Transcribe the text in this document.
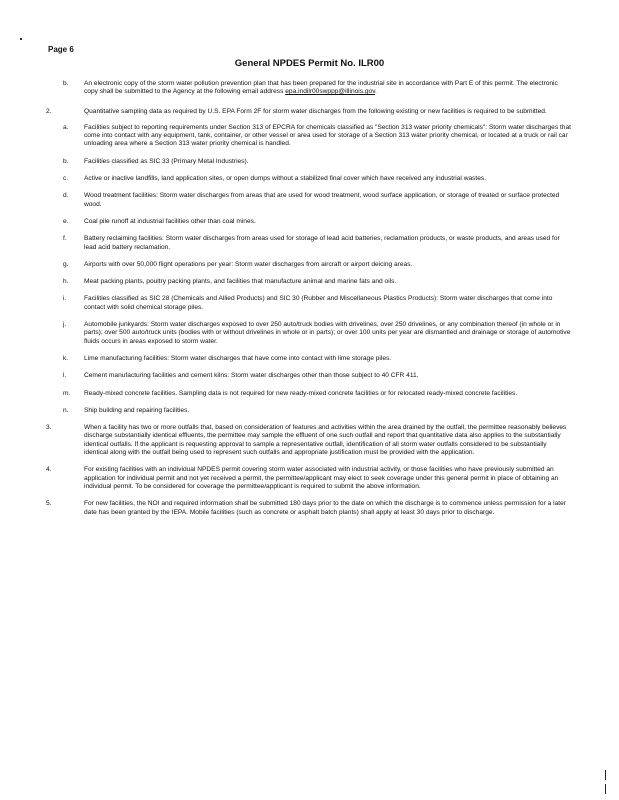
Page 6
General NPDES Permit No. ILR00
b. An electronic copy of the storm water pollution prevention plan that has been prepared for the industrial site in accordance with Part E of this permit. The electronic copy shall be submitted to the Agency at the following email address epa.indilr00swppp@illinois.gov.
2.	Quantitative sampling data as required by U.S. EPA Form 2F for storm water discharges from the following existing or new facilities is required to be submitted.
a. Facilities subject to reporting requirements under Section 313 of EPCRA for chemicals classified as "Section 313 water priority chemicals": Storm water discharges that come into contact with any equipment, tank, container, or other vessel or area used for storage of a Section 313 water priority chemical, or located at a truck or rail car unloading area where a Section 313 water priority chemical is handled.
b. Facilities classified as SIC 33 (Primary Metal Industries).
c. Active or inactive landfills, land application sites, or open dumps without a stabilized final cover which have received any industrial wastes.
d. Wood treatment facilities: Storm water discharges from areas that are used for wood treatment, wood surface application, or storage of treated or surface protected wood.
e. Coal pile runoff at industrial facilities other than coal mines.
f.	Battery reclaiming facilities: Storm water discharges from areas used for storage of lead acid batteries, reclamation products, or waste products, and areas used for lead acid battery reclamation.
g. Airports with over 50,000 flight operations per year: Storm water discharges from aircraft or airport deicing areas.
h. Meat packing plants, poultry packing plants, and facilities that manufacture animal and marine fats and oils.
i.	Facilities classified as SIC 28 (Chemicals and Allied Products) and SIC 30 (Rubber and Miscellaneous Plastics Products): Storm water discharges that come into contact with solid chemical storage piles.
j.	Automobile junkyards: Storm water discharges exposed to over 250 auto/truck bodies with drivelines, over 250 drivelines, or any combination thereof (in whole or in parts); over 500 auto/truck units (bodies with or without drivelines in whole or in parts); or over 100 units per year are dismantled and drainage or storage of automotive fluids occurs in areas exposed to storm water.
k. Lime manufacturing facilities: Storm water discharges that have come into contact with lime storage piles.
l.	Cement manufacturing facilities and cement kilns: Storm water discharges other than those subject to 40 CFR 411.
m. Ready-mixed concrete facilities. Sampling data is not required for new ready-mixed concrete facilities or for relocated ready-mixed concrete facilities.
n. Ship building and repairing facilities.
3.	When a facility has two or more outfalls that, based on consideration of features and activities within the area drained by the outfall, the permittee reasonably believes discharge substantially identical effluents, the permittee may sample the effluent of one such outfall and report that quantitative data also applies to the substantially identical outfalls. If the applicant is requesting approval to sample a representative outfall, identification of all storm water outfalls considered to be substantially identical along with the outfall being used to represent such outfalls and appropriate justification must be provided with the application.
4.	For existing facilities with an individual NPDES permit covering storm water associated with industrial activity, or those facilities who have previously submitted an application for individual permit and not yet received a permit, the permittee/applicant may elect to seek coverage under this general permit in place of obtaining an individual permit. To be considered for coverage the permittee/applicant is required to submit the above information.
5.	For new facilities, the NOI and required information shall be submitted 180 days prior to the date on which the discharge is to commence unless permission for a later date has been granted by the IEPA. Mobile facilities (such as concrete or asphalt batch plants) shall apply at least 30 days prior to discharge.
